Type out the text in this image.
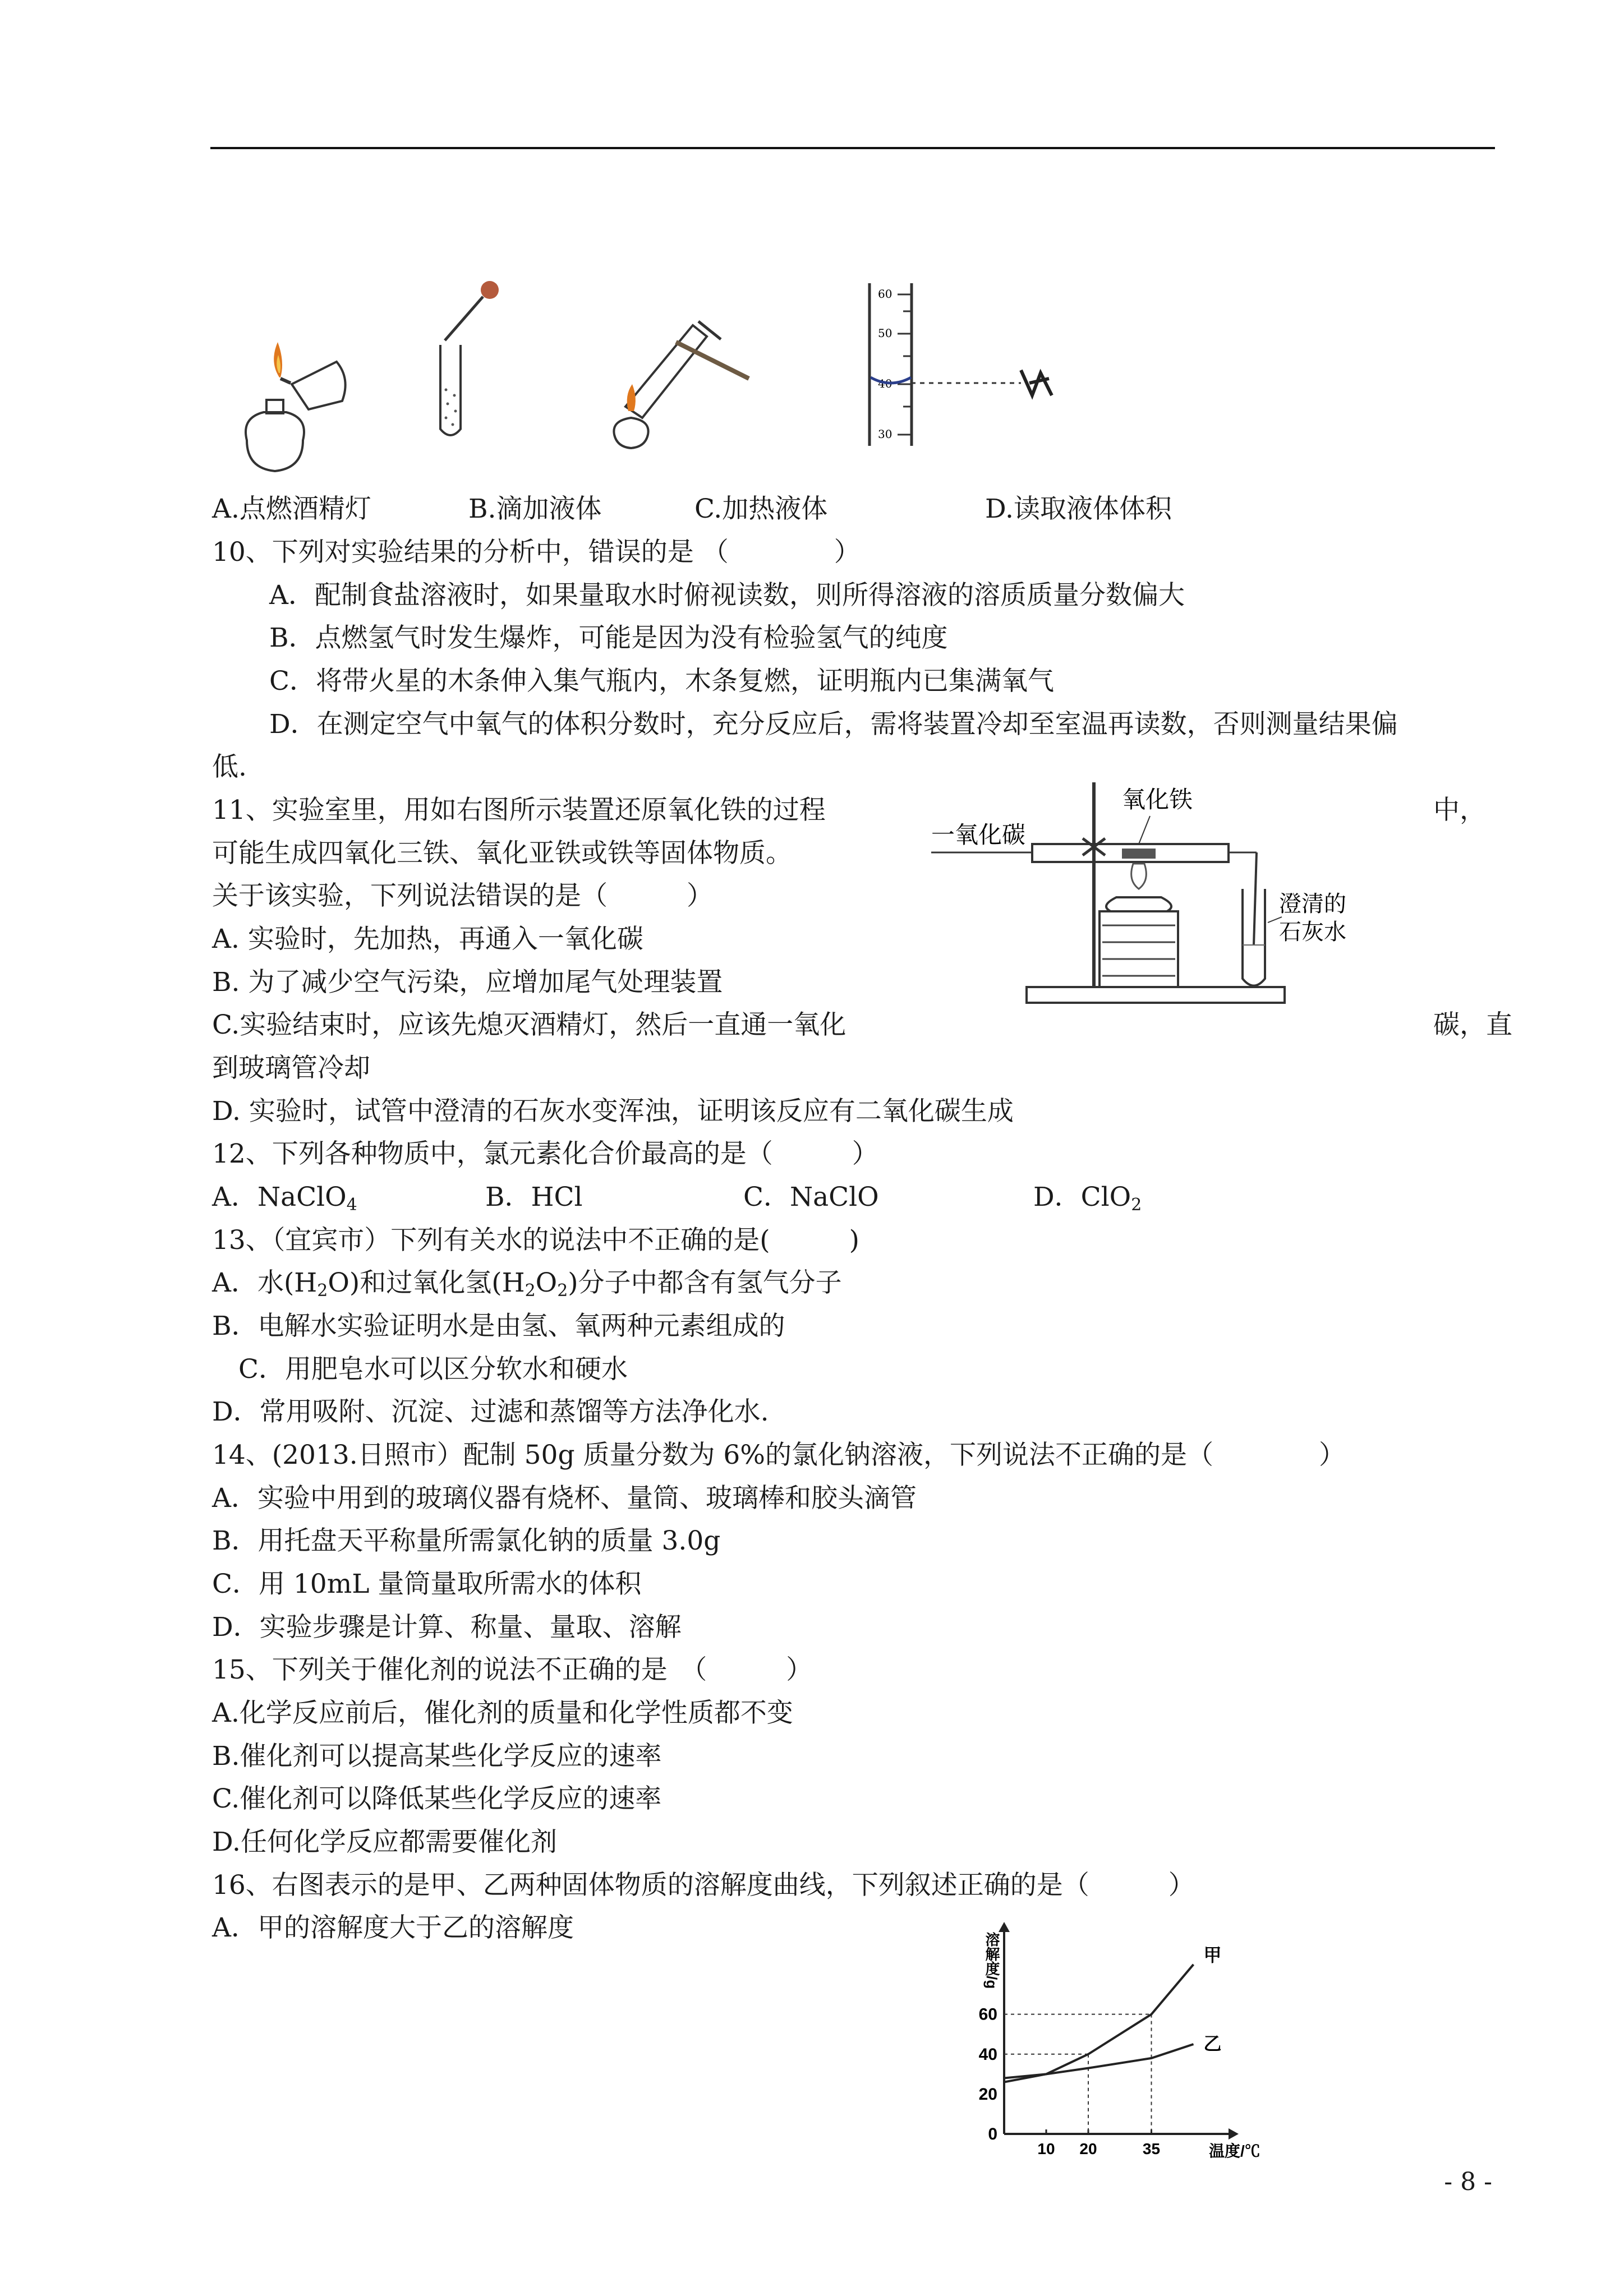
60
50
40
30
A.点燃酒精灯	B.滴加液体	C.加热液体	D.读取液体体积
10、下列对实验结果的分析中，错误的是 （　　　　）
A．配制食盐溶液时，如果量取水时俯视读数，则所得溶液的溶质质量分数偏大
B．点燃氢气时发生爆炸，可能是因为没有检验氢气的纯度
C．将带火星的木条伸入集气瓶内，木条复燃，证明瓶内已集满氧气
D．在测定空气中氧气的体积分数时，充分反应后，需将装置冷却至室温再读数，否则测量结果偏
低.
11、实验室里，用如右图所示装置还原氧化铁的过程	中，
可能生成四氧化三铁、氧化亚铁或铁等固体物质。
关于该实验，下列说法错误的是（　　　）
A. 实验时，先加热，再通入一氧化碳
B. 为了减少空气污染，应增加尾气处理装置
C.实验结束时，应该先熄灭酒精灯，然后一直通一氧化	碳，直
到玻璃管冷却
D. 实验时，试管中澄清的石灰水变浑浊，证明该反应有二氧化碳生成
氧化铁
一氧化碳
澄清的
石灰水
12、下列各种物质中，氯元素化合价最高的是（　　　）
A．NaClO$_4$	B．HCl	C．NaClO	D．ClO$_2$
13、（宜宾市）下列有关水的说法中不正确的是(　　　)
A．水$(H_2O)$和过氧化氢$(H_2O_2)$分子中都含有氢气分子
B．电解水实验证明水是由氢、氧两种元素组成的
C．用肥皂水可以区分软水和硬水
D．常用吸附、沉淀、过滤和蒸馏等方法净化水.
14、(2013.日照市）配制 50g 质量分数为 6%的氯化钠溶液，下列说法不正确的是（　　　　）
A．实验中用到的玻璃仪器有烧杯、量筒、玻璃棒和胶头滴管
B．用托盘天平称量所需氯化钠的质量 3.0g
C．用 10mL 量筒量取所需水的体积
D．实验步骤是计算、称量、量取、溶解
15、下列关于催化剂的说法不正确的是　（　　　）
A.化学反应前后，催化剂的质量和化学性质都不变
B.催化剂可以提高某些化学反应的速率
C.催化剂可以降低某些化学反应的速率
D.任何化学反应都需要催化剂
16、右图表示的是甲、乙两种固体物质的溶解度曲线，下列叙述正确的是（　　　）
A．甲的溶解度大于乙的溶解度
0
20
40
60
10 20	35
甲
乙
溶解度/g
温度/℃
- 8 -
